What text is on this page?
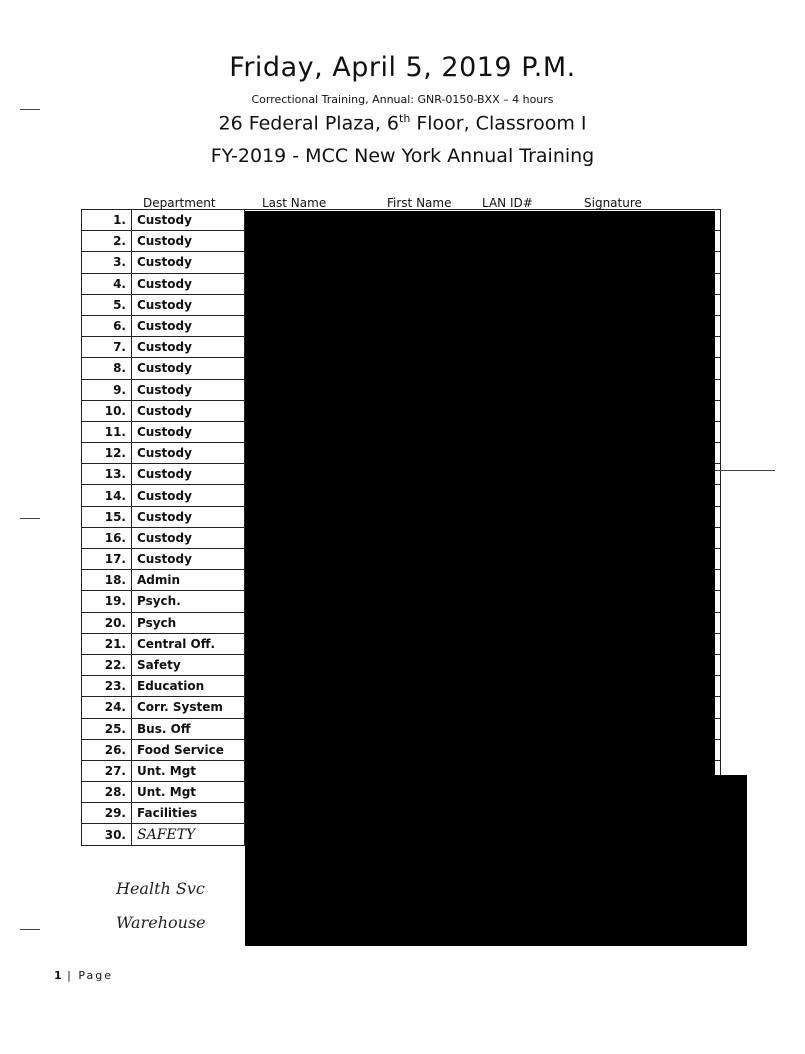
Friday, April 5, 2019 P.M.
Correctional Training, Annual: GNR-0150-BXX – 4 hours
26 Federal Plaza, 6th Floor, Classroom I
FY-2019 - MCC New York Annual Training
Department	Last Name	First Name	LAN ID#	Signature
1.	Custody	
2.	Custody	
3.	Custody	
4.	Custody	
5.	Custody	
6.	Custody	
7.	Custody	
8.	Custody	
9.	Custody	
10.	Custody	
11.	Custody	
12.	Custody	
13.	Custody	
14.	Custody	
15.	Custody	
16.	Custody	
17.	Custody	
18.	Admin	
19.	Psych.	
20.	Psych	
21.	Central Off.	
22.	Safety	
23.	Education	
24.	Corr. System	
25.	Bus. Off	
26.	Food Service	
27.	Unt. Mgt	
28.	Unt. Mgt	
29.	Facilities	
30.	SAFETY	
Health Svc
Warehouse
1 | Page
